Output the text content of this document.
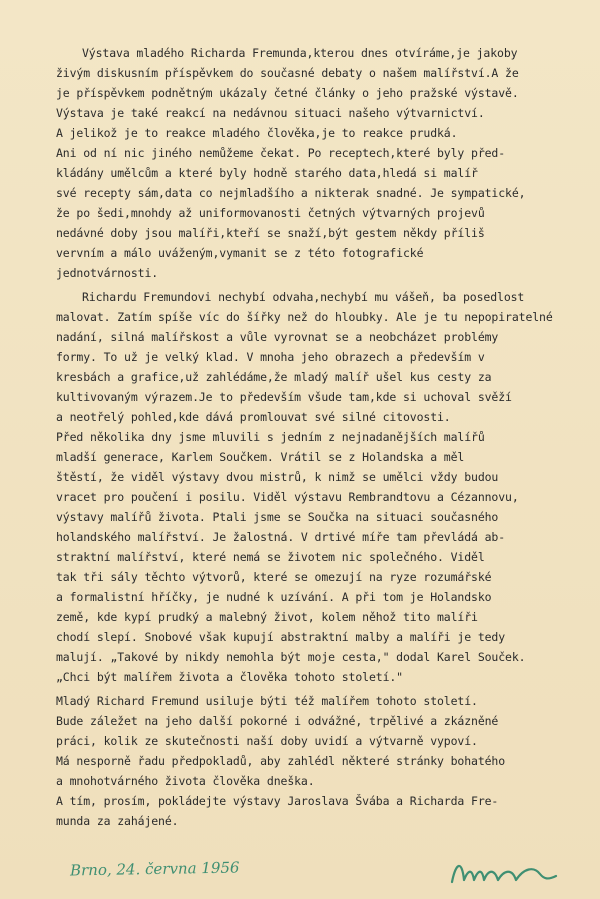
Výstava mladého Richarda Fremunda,kterou dnes otvíráme,je jakoby

živým diskusním příspěvkem do současné debaty o našem malířství.A že

je příspěvkem podnětným ukázaly četné články o jeho pražské výstavě.

Výstava je také reakcí na nedávnou situaci našeho výtvarnictví.

A jelikož je to reakce mladého člověka,je to reakce prudká.

Ani od ní nic jiného nemůžeme čekat. Po receptech,které byly před-

kládány umělcům a které byly hodně starého data,hledá si malíř

své recepty sám,data co nejmladšího a nikterak snadné. Je sympatické,

že po šedi,mnohdy až uniformovanosti četných výtvarných projevů

nedávné doby jsou malíři,kteří se snaží,být gestem někdy příliš

vervním a málo uváženým,vymanit se z této fotografické

jednotvárnosti.

Richardu Fremundovi nechybí odvaha,nechybí mu vášeň, ba posedlost

malovat. Zatím spíše víc do šířky než do hloubky. Ale je tu nepopiratelné

nadání, silná malířskost a vůle vyrovnat se a neobcházet problémy

formy. To už je velký klad. V mnoha jeho obrazech a především v

kresbách a grafice,už zahlédáme,že mladý malíř ušel kus cesty za

kultivovaným výrazem.Je to především všude tam,kde si uchoval svěží

a neotřelý pohled,kde dává promlouvat své silné citovosti.

Před několika dny jsme mluvili s jedním z nejnadanějších malířů

mladší generace, Karlem Součkem. Vrátil se z Holandska a měl

štěstí, že viděl výstavy dvou mistrů, k nimž se umělci vždy budou

vracet pro poučení i posilu. Viděl výstavu Rembrandtovu a Cézannovu,

výstavy malířů života. Ptali jsme se Součka na situaci současného

holandského malířství. Je žalostná. V drtivé míře tam převládá ab-

straktní malířství, které nemá se životem nic společného. Viděl

tak tři sály těchto výtvorů, které se omezují na ryze rozumářské

a formalistní hříčky, je nudné k uzívání. A při tom je Holandsko

země, kde kypí prudký a malebný život, kolem něhož tito malíři

chodí slepí. Snobové však kupují abstraktní malby a malíři je tedy

malují. „Takové by nikdy nemohla být moje cesta," dodal Karel Souček.

„Chci být malířem života a člověka tohoto století."

Mladý Richard Fremund usiluje býti též malířem tohoto století.

Bude záležet na jeho další pokorné i odvážné, trpělivé a zkázněné

práci, kolik ze skutečnosti naší doby uvidí a výtvarně vypoví.

Má nesporně řadu předpokladů, aby zahlédl některé stránky bohatého

a mnohotvárného života člověka dneška.

A tím, prosím, pokládejte výstavy Jaroslava Švába a Richarda Fre-

munda za zahájené.

Brno, 24. června 1956
